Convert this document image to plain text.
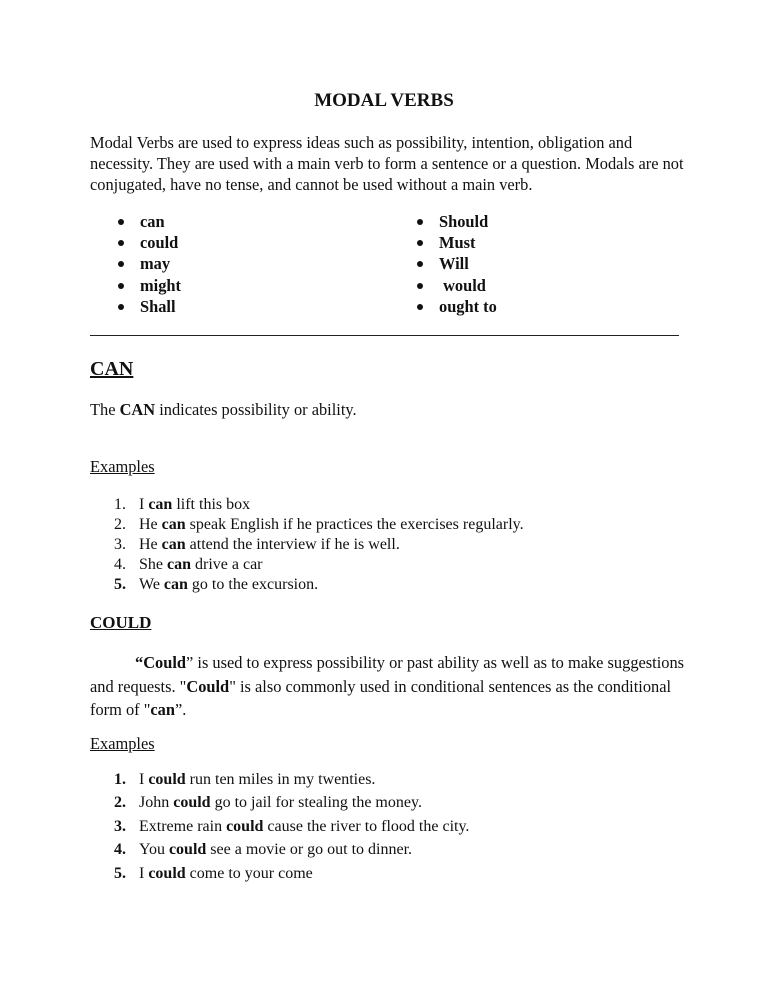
MODAL VERBS
Modal Verbs are used to express ideas such as possibility, intention, obligation and necessity. They are used with a main verb to form a sentence or a question. Modals are not conjugated, have no tense, and cannot be used without a main verb.
can
could
may
might
Shall
Should
Must
Will
would
ought to
CAN
The CAN indicates possibility or ability.
Examples
1. I can lift this box
2. He can speak English if he practices the exercises regularly.
3. He can attend the interview if he is well.
4. She can drive a car
5. We can go to the excursion.
COULD
“Could” is used to express possibility or past ability as well as to make suggestions and requests. "Could" is also commonly used in conditional sentences as the conditional form of "can”.
Examples
1. I could run ten miles in my twenties.
2. John could go to jail for stealing the money.
3. Extreme rain could cause the river to flood the city.
4. You could see a movie or go out to dinner.
5. I could come to your come
